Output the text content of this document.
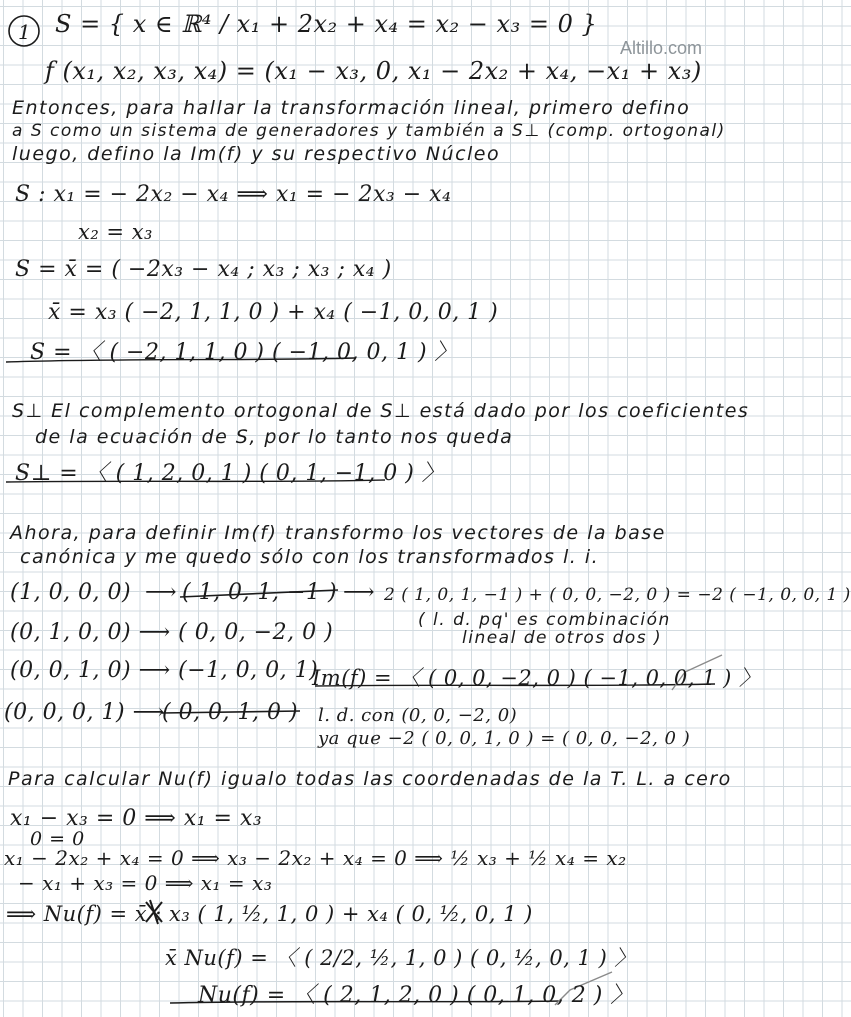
Altillo.com

1 S = { x ∈ ℝ⁴ / x₁ + 2x₂ + x₄ = x₂ − x₃ = 0 }

f (x₁, x₂, x₃, x₄) = (x₁ − x₃, 0, x₁ − 2x₂ + x₄, −x₁ + x₃)

Entonces, para hallar la transformación lineal, primero defino

a S como un sistema de generadores y también a S⊥ (comp. ortogonal)

luego, defino la Im(f) y su respectivo Núcleo

S : x₁ = − 2x₂ − x₄ ⟹ x₁ = − 2x₃ − x₄

x₂ = x₃

S = x̄ = ( −2x₃ − x₄ ; x₃ ; x₃ ; x₄ )

x̄ = x₃ ( −2, 1, 1, 0 ) + x₄ ( −1, 0, 0, 1 )

S = 〈 ( −2, 1, 1, 0 ) ( −1, 0, 0, 1 ) 〉

S⊥ El complemento ortogonal de S⊥ está dado por los coeficientes

de la ecuación de S, por lo tanto nos queda

S⊥ = 〈 ( 1, 2, 0, 1 ) ( 0, 1, −1, 0 ) 〉

Ahora, para definir Im(f) transformo los vectores de la base

canónica y me quedo sólo con los transformados l. i.

(1, 0, 0, 0) ⟶ ( 1, 0, 1, −1 ) ⟶ 2 ( 1, 0, 1, −1 ) + ( 0, 0, −2, 0 ) = −2 ( −1, 0, 0, 1 )

( l. d. pq' es combinación

lineal de otros dos )

(0, 1, 0, 0) ⟶ ( 0, 0, −2, 0 )

(0, 0, 1, 0) ⟶ (−1, 0, 0, 1)

Im(f) = 〈 ( 0, 0, −2, 0 ) ( −1, 0, 0, 1 ) 〉

(0, 0, 0, 1) ⟶

( 0, 0, 1, 0 ) l. d. con (0, 0, −2, 0)

ya que −2 ( 0, 0, 1, 0 ) = ( 0, 0, −2, 0 )

Para calcular Nu(f) igualo todas las coordenadas de la T. L. a cero

x₁ − x₃ = 0 ⟹ x₁ = x₃

0 = 0

x₁ − 2x₂ + x₄ = 0 ⟹ x₃ − 2x₂ + x₄ = 0 ⟹ ½ x₃ + ½ x₄ = x₂

− x₁ + x₃ = 0 ⟹ x₁ = x₃

⟹ Nu(f) = x̄ : x₃ ( 1, ½, 1, 0 ) + x₄ ( 0, ½, 0, 1 )

x̄ Nu(f) = 〈 ( 2/2, ½, 1, 0 ) ( 0, ½, 0, 1 ) 〉

Nu(f) = 〈 ( 2, 1, 2, 0 ) ( 0, 1, 0, 2 ) 〉
